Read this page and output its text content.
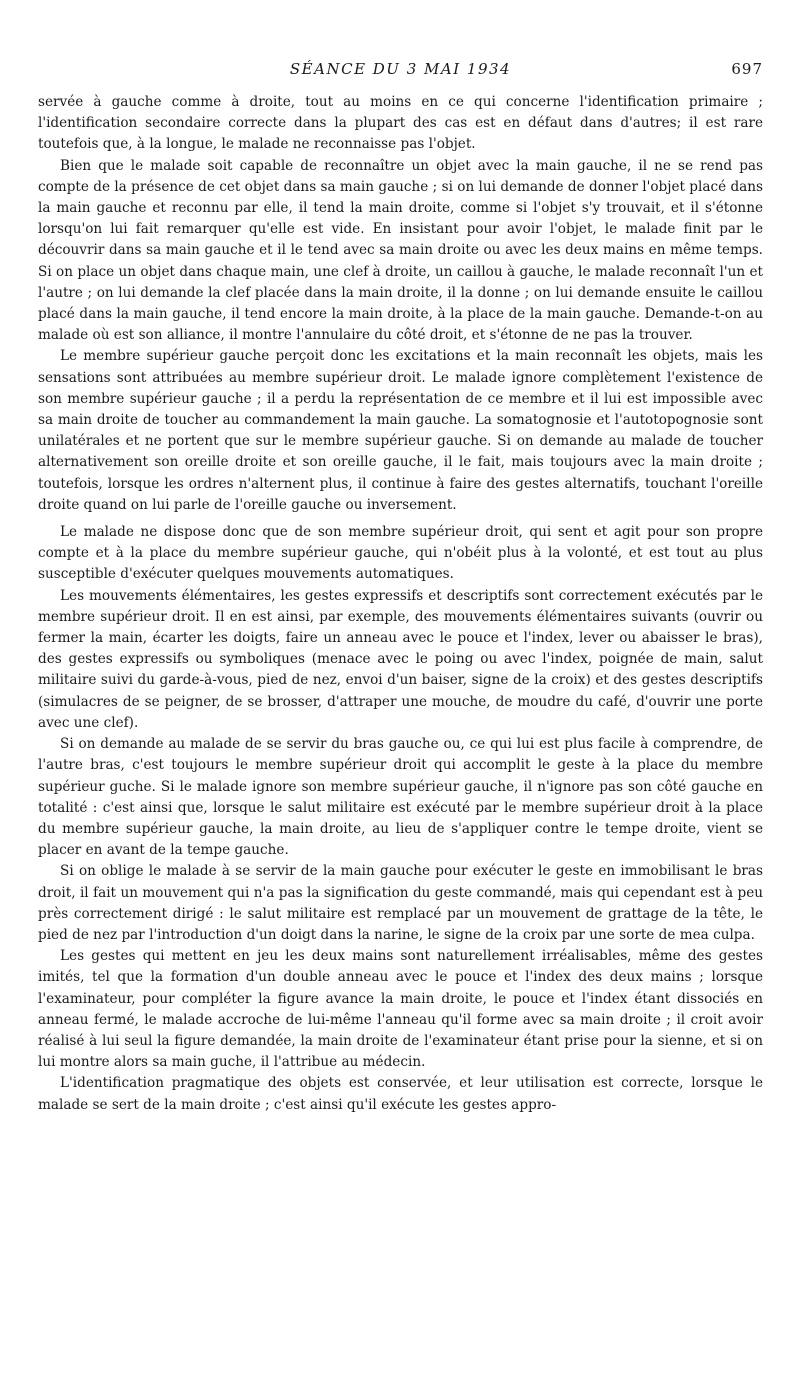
SÉANCE DU 3 MAI 1934	697

servée à gauche comme à droite, tout au moins en ce qui concerne l'identification primaire ; l'identification secondaire correcte dans la plupart des cas est en défaut dans d'autres; il est rare toutefois que, à la longue, le malade ne reconnaisse pas l'objet.

Bien que le malade soit capable de reconnaître un objet avec la main gauche, il ne se rend pas compte de la présence de cet objet dans sa main gauche ; si on lui demande de donner l'objet placé dans la main gauche et reconnu par elle, il tend la main droite, comme si l'objet s'y trouvait, et il s'étonne lorsqu'on lui fait remarquer qu'elle est vide. En insistant pour avoir l'objet, le malade finit par le découvrir dans sa main gauche et il le tend avec sa main droite ou avec les deux mains en même temps. Si on place un objet dans chaque main, une clef à droite, un caillou à gauche, le malade reconnaît l'un et l'autre ; on lui demande la clef placée dans la main droite, il la donne ; on lui demande ensuite le caillou placé dans la main gauche, il tend encore la main droite, à la place de la main gauche. Demande-t-on au malade où est son alliance, il montre l'annulaire du côté droit, et s'étonne de ne pas la trouver.

Le membre supérieur gauche perçoit donc les excitations et la main reconnaît les objets, mais les sensations sont attribuées au membre supérieur droit. Le malade ignore complètement l'existence de son membre supérieur gauche ; il a perdu la représentation de ce membre et il lui est impossible avec sa main droite de toucher au commandement la main gauche. La somatognosie et l'autotopognosie sont unilatérales et ne portent que sur le membre supérieur gauche. Si on demande au malade de toucher alternativement son oreille droite et son oreille gauche, il le fait, mais toujours avec la main droite ; toutefois, lorsque les ordres n'alternent plus, il continue à faire des gestes alternatifs, touchant l'oreille droite quand on lui parle de l'oreille gauche ou inversement.

Le malade ne dispose donc que de son membre supérieur droit, qui sent et agit pour son propre compte et à la place du membre supérieur gauche, qui n'obéit plus à la volonté, et est tout au plus susceptible d'exécuter quelques mouvements automatiques.

Les mouvements élémentaires, les gestes expressifs et descriptifs sont correctement exécutés par le membre supérieur droit. Il en est ainsi, par exemple, des mouvements élémentaires suivants (ouvrir ou fermer la main, écarter les doigts, faire un anneau avec le pouce et l'index, lever ou abaisser le bras), des gestes expressifs ou symboliques (menace avec le poing ou avec l'index, poignée de main, salut militaire suivi du garde-à-vous, pied de nez, envoi d'un baiser, signe de la croix) et des gestes descriptifs (simulacres de se peigner, de se brosser, d'attraper une mouche, de moudre du café, d'ouvrir une porte avec une clef).

Si on demande au malade de se servir du bras gauche ou, ce qui lui est plus facile à comprendre, de l'autre bras, c'est toujours le membre supérieur droit qui accomplit le geste à la place du membre supérieur guche. Si le malade ignore son membre supérieur gauche, il n'ignore pas son côté gauche en totalité : c'est ainsi que, lorsque le salut militaire est exécuté par le membre supérieur droit à la place du membre supérieur gauche, la main droite, au lieu de s'appliquer contre le tempe droite, vient se placer en avant de la tempe gauche.

Si on oblige le malade à se servir de la main gauche pour exécuter le geste en immobilisant le bras droit, il fait un mouvement qui n'a pas la signification du geste commandé, mais qui cependant est à peu près correctement dirigé : le salut militaire est remplacé par un mouvement de grattage de la tête, le pied de nez par l'introduction d'un doigt dans la narine, le signe de la croix par une sorte de mea culpa.

Les gestes qui mettent en jeu les deux mains sont naturellement irréalisables, même des gestes imités, tel que la formation d'un double anneau avec le pouce et l'index des deux mains ; lorsque l'examinateur, pour compléter la figure avance la main droite, le pouce et l'index étant dissociés en anneau fermé, le malade accroche de lui-même l'anneau qu'il forme avec sa main droite ; il croit avoir réalisé à lui seul la figure demandée, la main droite de l'examinateur étant prise pour la sienne, et si on lui montre alors sa main guche, il l'attribue au médecin.

L'identification pragmatique des objets est conservée, et leur utilisation est correcte, lorsque le malade se sert de la main droite ; c'est ainsi qu'il exécute les gestes appro-
